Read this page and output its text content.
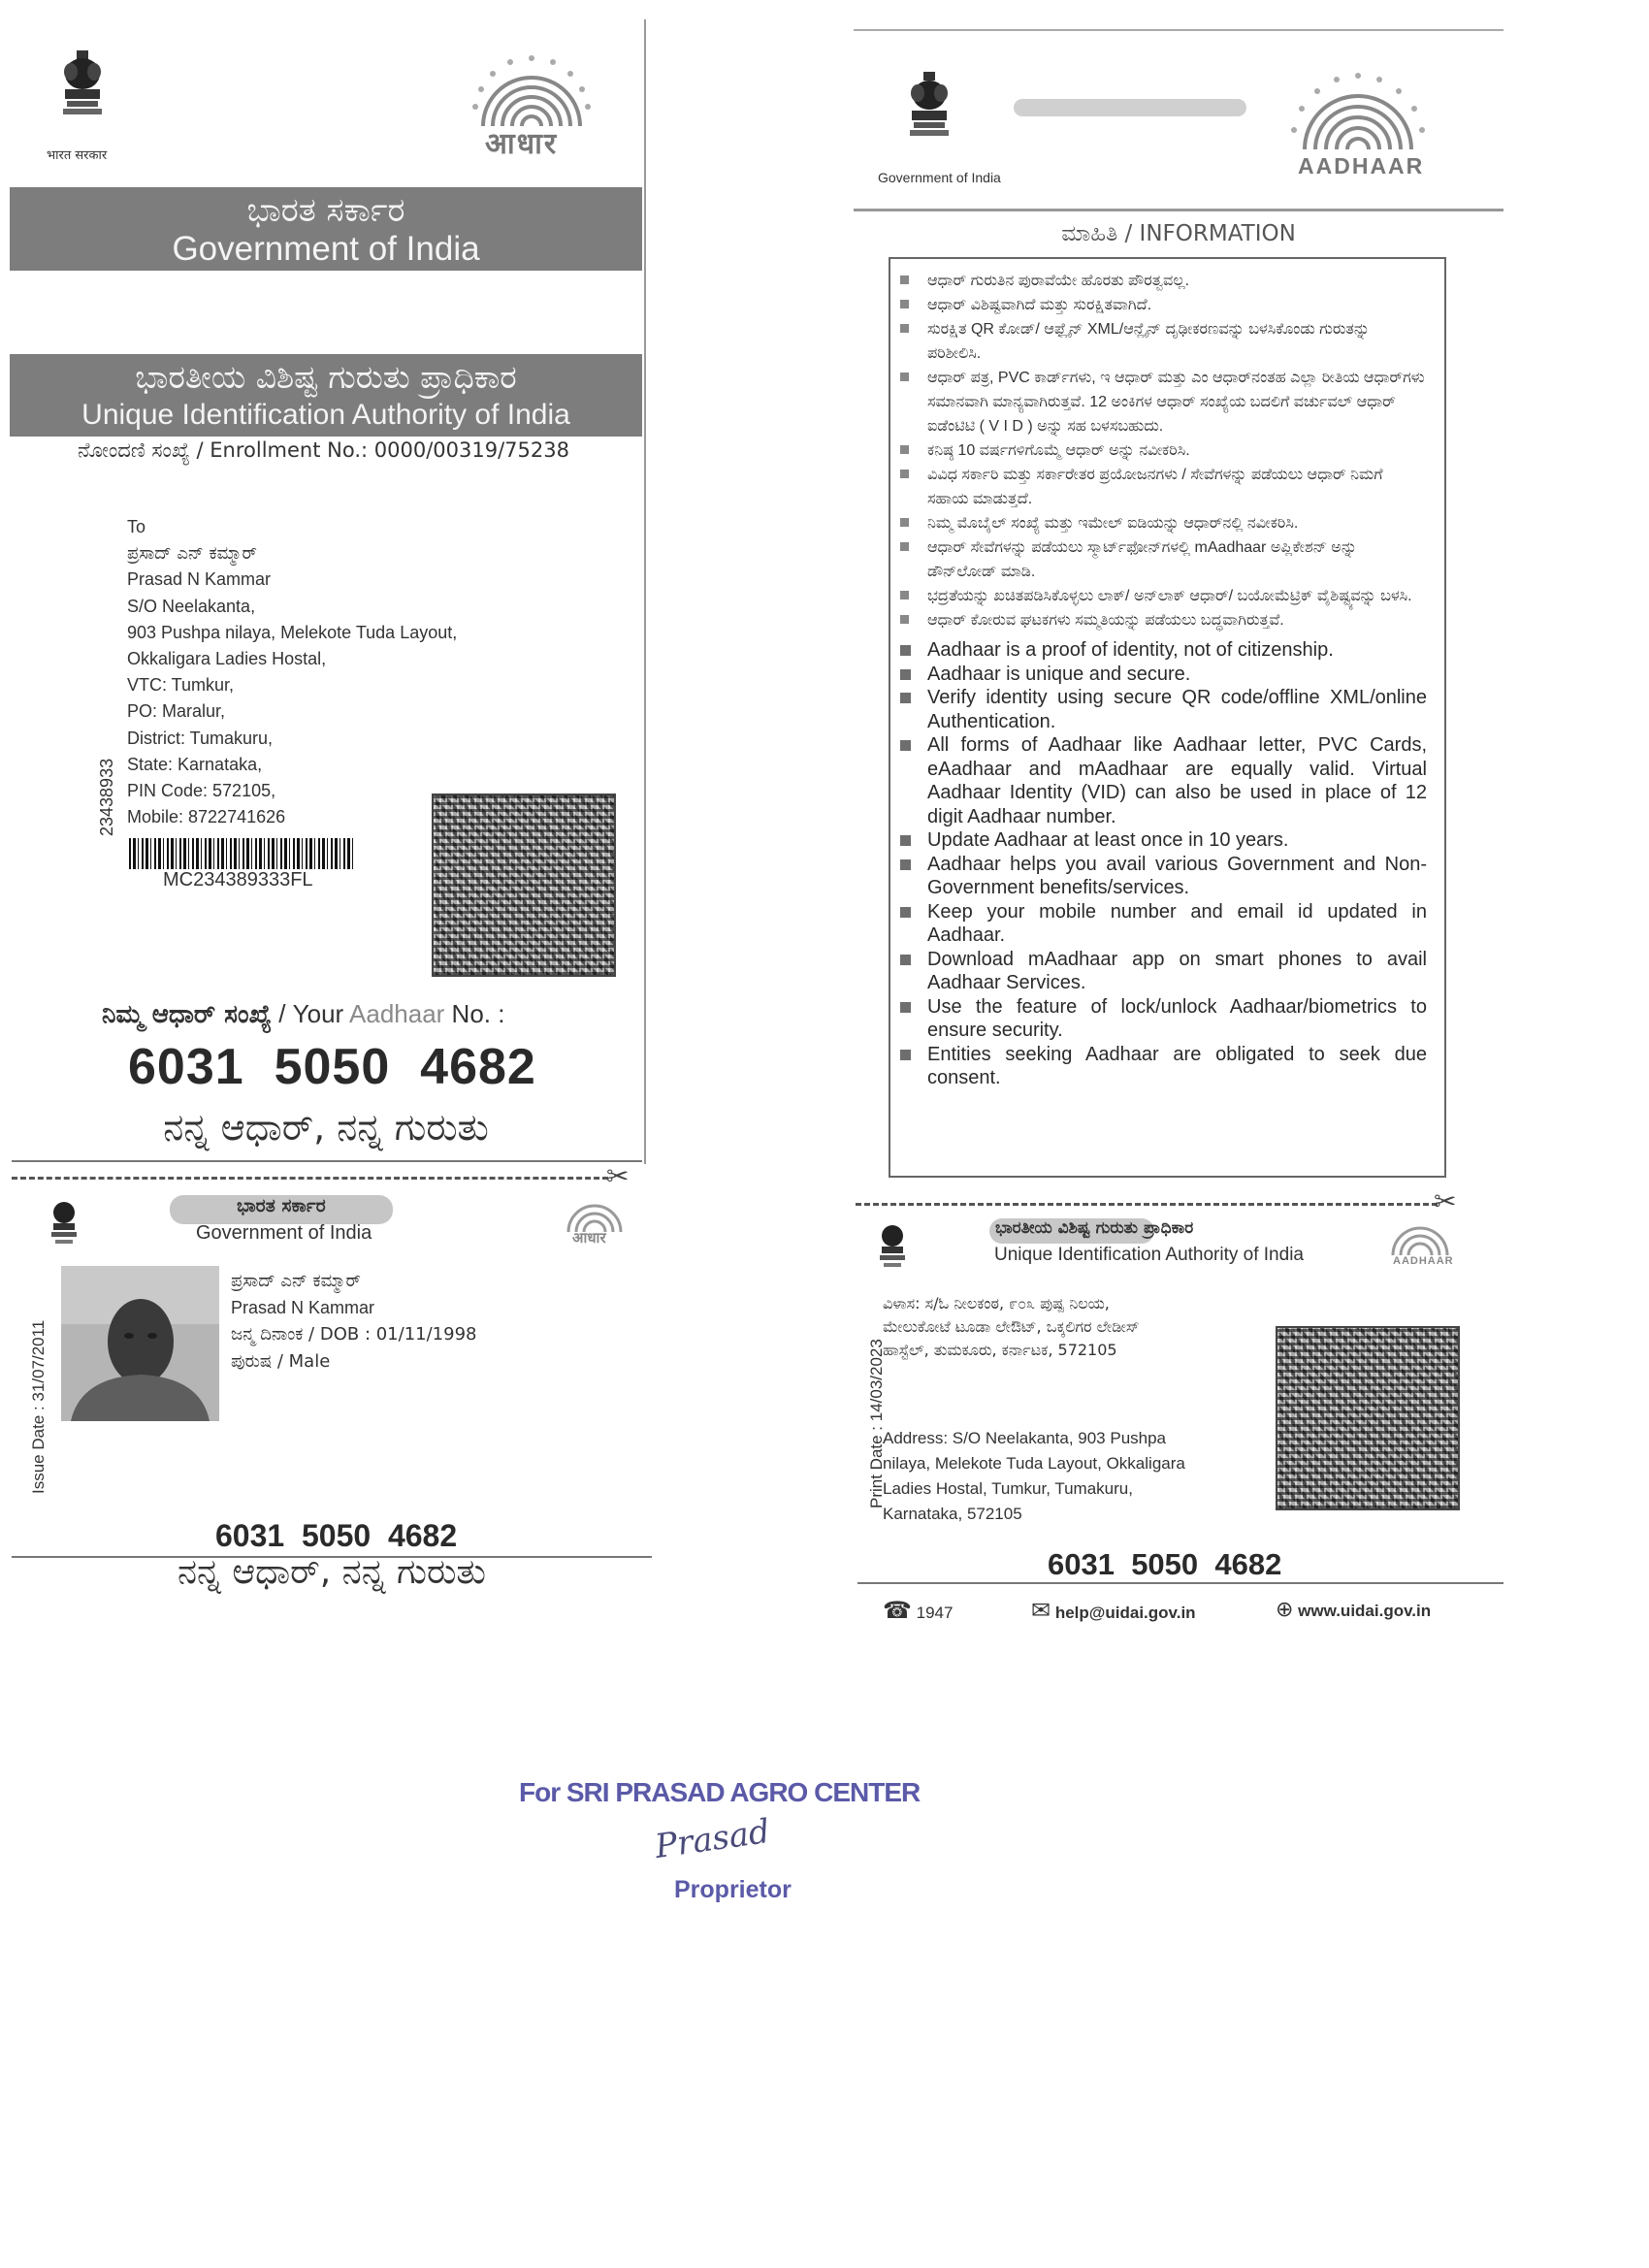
भारत सरकार	आधार
ಭಾರತ ಸರ್ಕಾರ
Government of India
ಭಾರತೀಯ ವಿಶಿಷ್ಟ ಗುರುತು ಪ್ರಾಧಿಕಾರ
Unique Identification Authority of India
ನೋಂದಣಿ ಸಂಖ್ಯೆ / Enrollment No.: 0000/00319/75238
23438933
To
ಪ್ರಸಾದ್ ಎನ್ ಕಮ್ಮಾರ್
Prasad N Kammar
S/O Neelakanta,
903 Pushpa nilaya, Melekote Tuda Layout,
Okkaligara Ladies Hostal,
VTC: Tumkur,
PO: Maralur,
District: Tumakuru,
State: Karnataka,
PIN Code: 572105,
Mobile: 8722741626
MC234389333FL
ನಿಮ್ಮ ಆಧಾರ್ ಸಂಖ್ಯೆ / Your Aadhaar No. :
6031  5050  4682
ನನ್ನ ಆಧಾರ್, ನನ್ನ ಗುರುತು
✂
ಭಾರತ ಸರ್ಕಾರ
Government of India	आधार
Issue Date : 31/07/2011
ಪ್ರಸಾದ್ ಎನ್ ಕಮ್ಮಾರ್
Prasad N Kammar
ಜನ್ಮ ದಿನಾಂಕ / DOB : 01/11/1998
ಪುರುಷ / Male
6031  5050  4682
ನನ್ನ ಆಧಾರ್, ನನ್ನ ಗುರುತು
Government of India	AADHAAR
ಮಾಹಿತಿ / INFORMATION
ಆಧಾರ್ ಗುರುತಿನ ಪುರಾವೆಯೇ ಹೊರತು ಪೌರತ್ವವಲ್ಲ.
ಆಧಾರ್ ವಿಶಿಷ್ಟವಾಗಿದೆ ಮತ್ತು ಸುರಕ್ಷಿತವಾಗಿದೆ.
ಸುರಕ್ಷಿತ QR ಕೋಡ್/ ಆಫ್ಲೈನ್ XML/ಆನ್ಲೈನ್ ದೃಢೀಕರಣವನ್ನು ಬಳಸಿಕೊಂಡು ಗುರುತನ್ನು ಪರಿಶೀಲಿಸಿ.
ಆಧಾರ್ ಪತ್ರ, PVC ಕಾರ್ಡ್‌ಗಳು, ಇ ಆಧಾರ್ ಮತ್ತು ಎಂ ಆಧಾರ್‌ನಂತಹ ಎಲ್ಲಾ ರೀತಿಯ ಆಧಾರ್‌ಗಳು ಸಮಾನವಾಗಿ ಮಾನ್ಯವಾಗಿರುತ್ತವೆ. 12 ಅಂಕಿಗಳ ಆಧಾರ್ ಸಂಖ್ಯೆಯ ಬದಲಿಗೆ ವರ್ಚುವಲ್ ಆಧಾರ್ ಐಡೆಂಟಿಟಿ ( V I D ) ಅನ್ನು ಸಹ ಬಳಸಬಹುದು.
ಕನಿಷ್ಠ 10 ವರ್ಷಗಳಿಗೊಮ್ಮೆ ಆಧಾರ್ ಅನ್ನು ನವೀಕರಿಸಿ.
ವಿವಿಧ ಸರ್ಕಾರಿ ಮತ್ತು ಸರ್ಕಾರೇತರ ಪ್ರಯೋಜನಗಳು / ಸೇವೆಗಳನ್ನು ಪಡೆಯಲು ಆಧಾರ್ ನಿಮಗೆ ಸಹಾಯ ಮಾಡುತ್ತದೆ.
ನಿಮ್ಮ ಮೊಬೈಲ್ ಸಂಖ್ಯೆ ಮತ್ತು ಇಮೇಲ್ ಐಡಿಯನ್ನು ಆಧಾರ್‌ನಲ್ಲಿ ನವೀಕರಿಸಿ.
ಆಧಾರ್ ಸೇವೆಗಳನ್ನು ಪಡೆಯಲು ಸ್ಮಾರ್ಟ್‌ಫೋನ್‌ಗಳಲ್ಲಿ mAadhaar ಅಪ್ಲಿಕೇಶನ್ ಅನ್ನು ಡೌನ್‌ಲೋಡ್ ಮಾಡಿ.
ಭದ್ರತೆಯನ್ನು ಖಚಿತಪಡಿಸಿಕೊಳ್ಳಲು ಲಾಕ್/ ಅನ್‌ಲಾಕ್ ಆಧಾರ್/ ಬಯೋಮೆಟ್ರಿಕ್ ವೈಶಿಷ್ಟ್ಯವನ್ನು ಬಳಸಿ.
ಆಧಾರ್ ಕೋರುವ ಘಟಕಗಳು ಸಮ್ಮತಿಯನ್ನು ಪಡೆಯಲು ಬದ್ಧವಾಗಿರುತ್ತವೆ.
Aadhaar is a proof of identity, not of citizenship.
Aadhaar is unique and secure.
Verify identity using secure QR code/offline XML/online Authentication.
All forms of Aadhaar like Aadhaar letter, PVC Cards, eAadhaar and mAadhaar are equally valid. Virtual Aadhaar Identity (VID) can also be used in place of 12 digit Aadhaar number.
Update Aadhaar at least once in 10 years.
Aadhaar helps you avail various Government and Non- Government benefits/services.
Keep your mobile number and email id updated in Aadhaar.
Download mAadhaar app on smart phones to avail Aadhaar Services.
Use the feature of lock/unlock Aadhaar/biometrics to ensure security.
Entities seeking Aadhaar are obligated to seek due consent.
✂
ಭಾರತೀಯ ವಿಶಿಷ್ಟ ಗುರುತು ಪ್ರಾಧಿಕಾರ
Unique Identification Authority of India	AADHAAR
Print Date : 14/03/2023
ವಿಳಾಸ: ಸ/ಓ ನೀಲಕಂಠ, ೯೦೩ ಪುಷ್ಪ ನಿಲಯ,
ಮೇಲುಕೋಟೆ ಟೂಡಾ ಲೇಔಟ್, ಒಕ್ಕಲಿಗರ ಲೇಡೀಸ್
ಹಾಸ್ಟೆಲ್, ತುಮಕೂರು, ಕರ್ನಾಟಕ, 572105
Address: S/O Neelakanta, 903 Pushpa
nilaya, Melekote Tuda Layout, Okkaligara
Ladies Hostal, Tumkur, Tumakuru,
Karnataka, 572105
6031  5050  4682
☎ 1947	✉ help@uidai.gov.in	⊕ www.uidai.gov.in
For SRI PRASAD AGRO CENTER
Prasad
Proprietor
